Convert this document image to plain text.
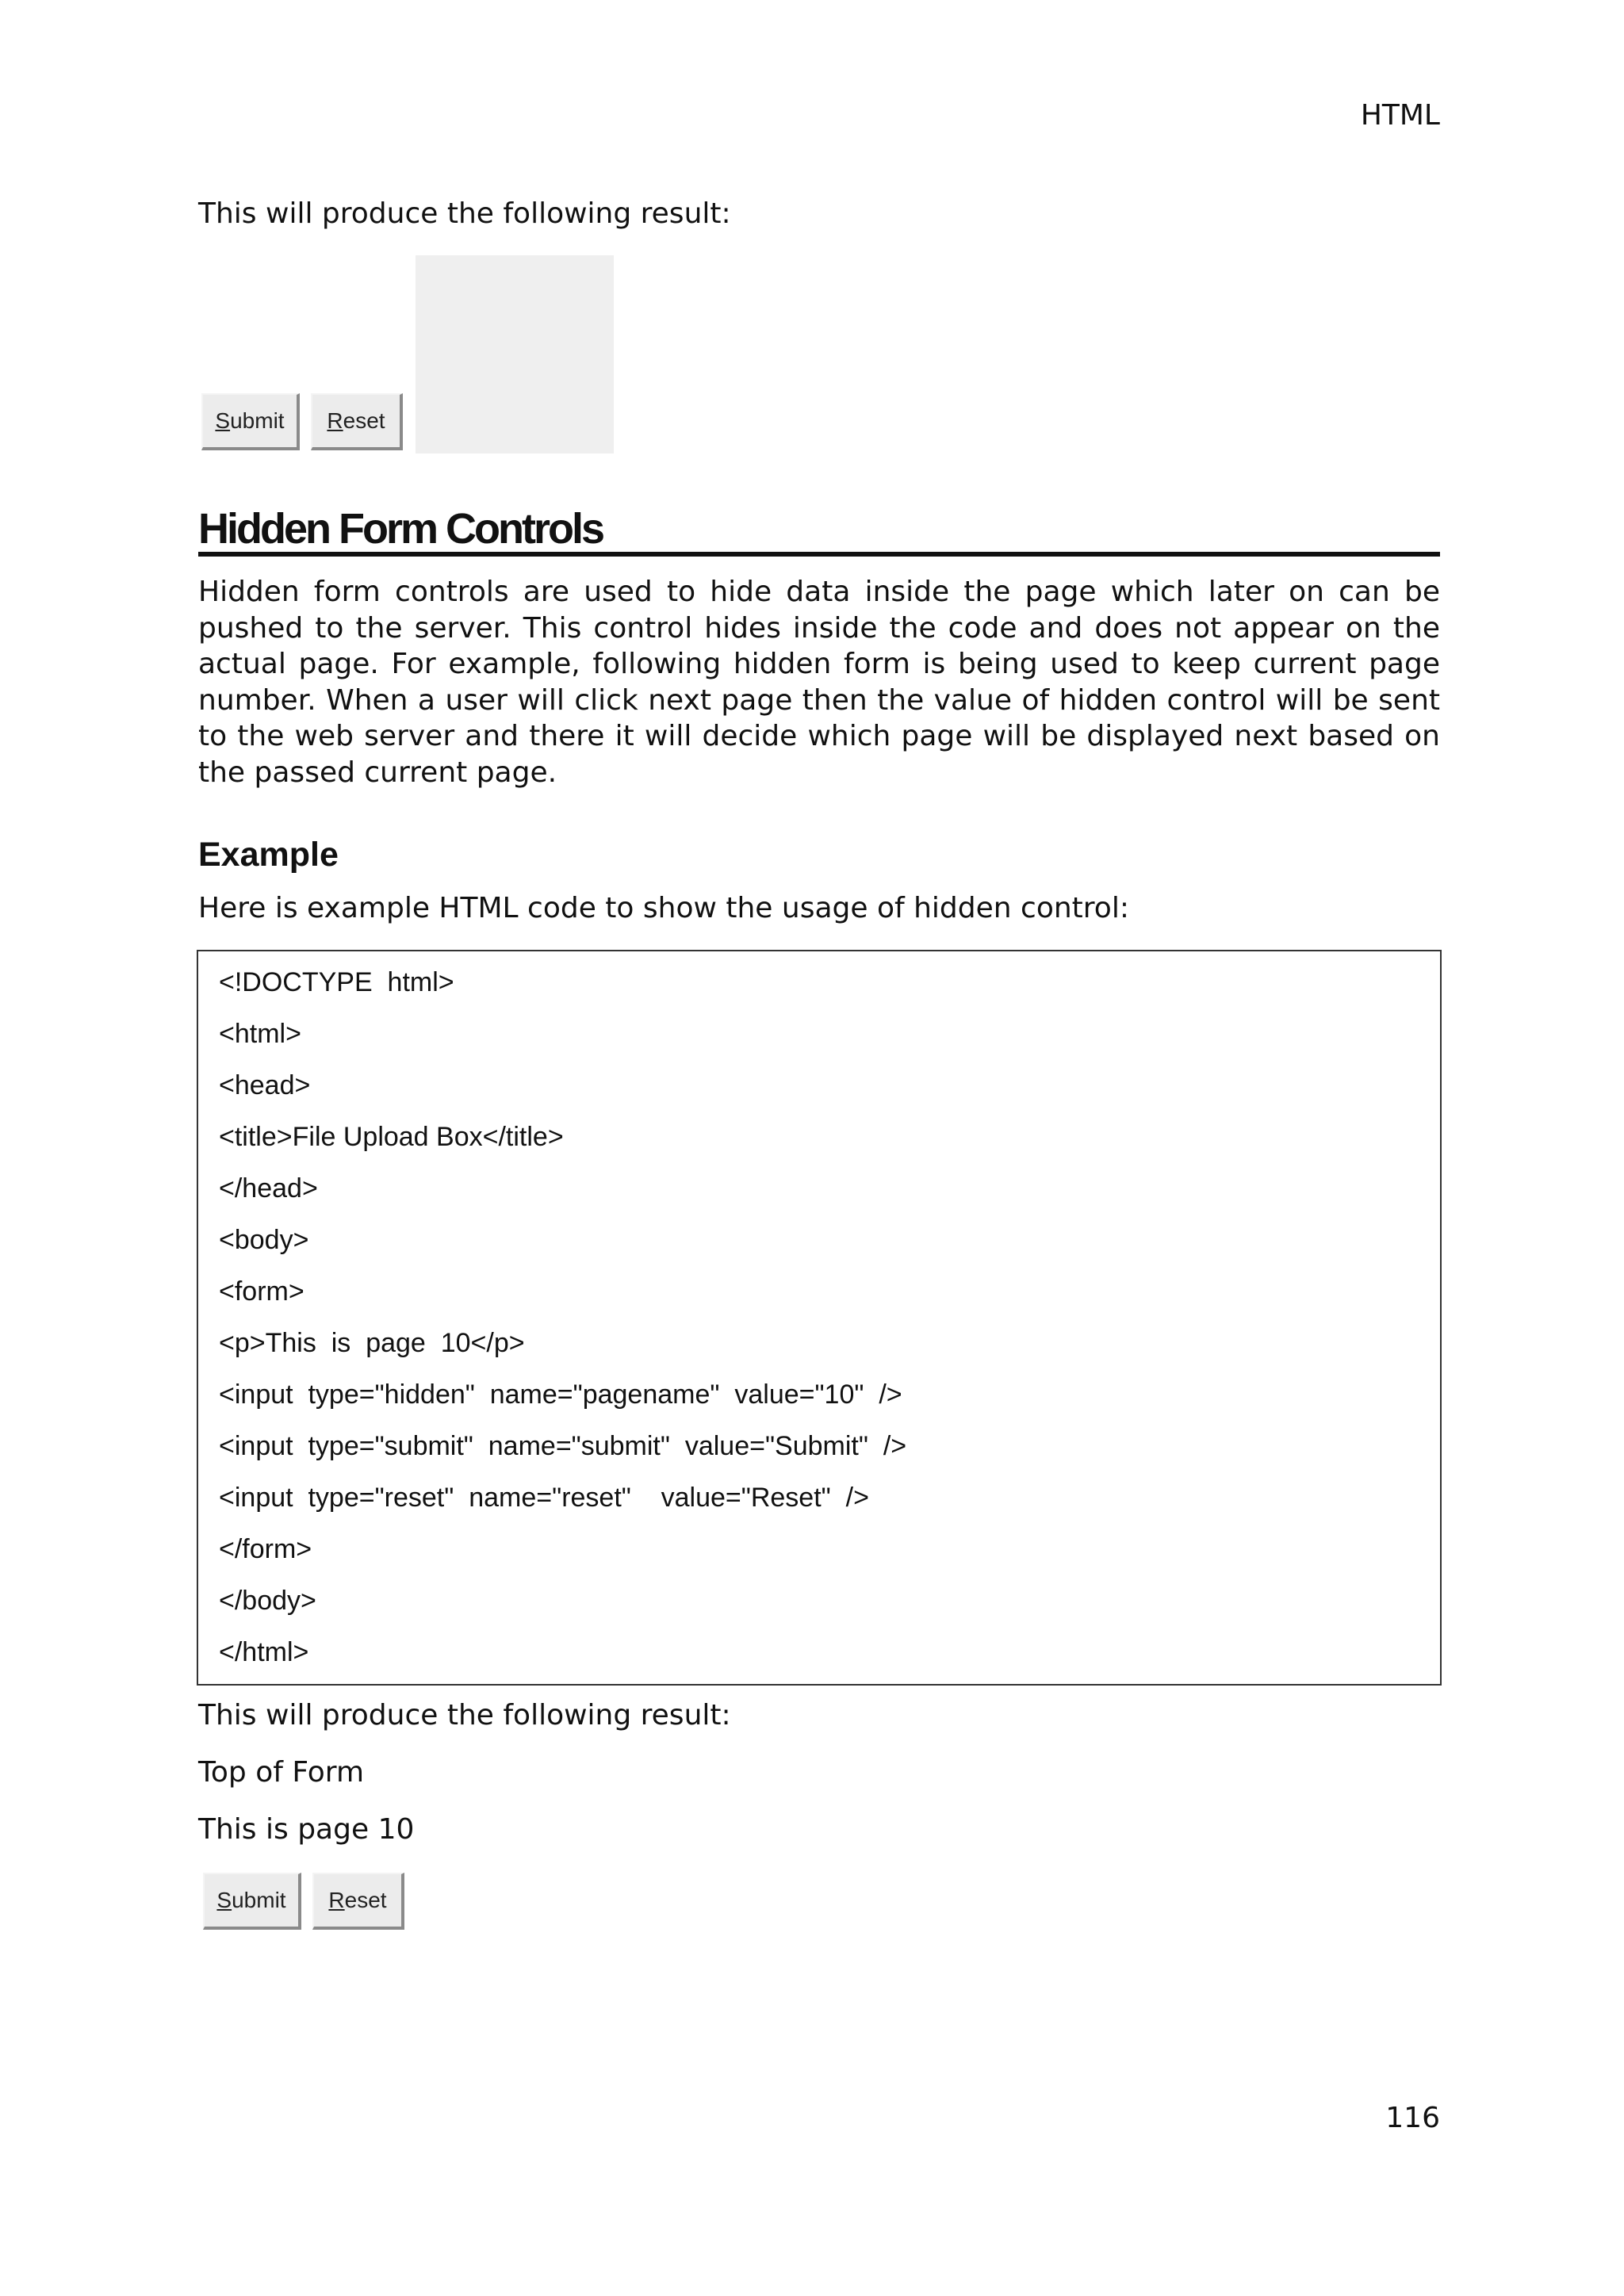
HTML

This will produce the following result:

S ubmit R eset
Hidden Form Controls

Hidden form controls are used to hide data inside the page which later on can be pushed to the server. This control hides inside the code and does not appear on the actual page. For example, following hidden form is being used to keep current page number. When a user will click next page then the value of hidden control will be sent to the web server and there it will decide which page will be displayed next based on the passed current page.

Example

Here is example HTML code to show the usage of hidden control:

<!DOCTYPE  html>
<html>
<head>
<title>File Upload Box</title>
</head>
<body>
<form>
<p>This  is  page  10</p>
<input  type="hidden"  name="pagename"  value="10"  />
<input  type="submit"  name="submit"  value="Submit"  />
<input  type="reset"  name="reset"    value="Reset"  />
</form>
</body>
</html>

This will produce the following result:

Top of Form

This is page 10

S ubmit R eset
116
